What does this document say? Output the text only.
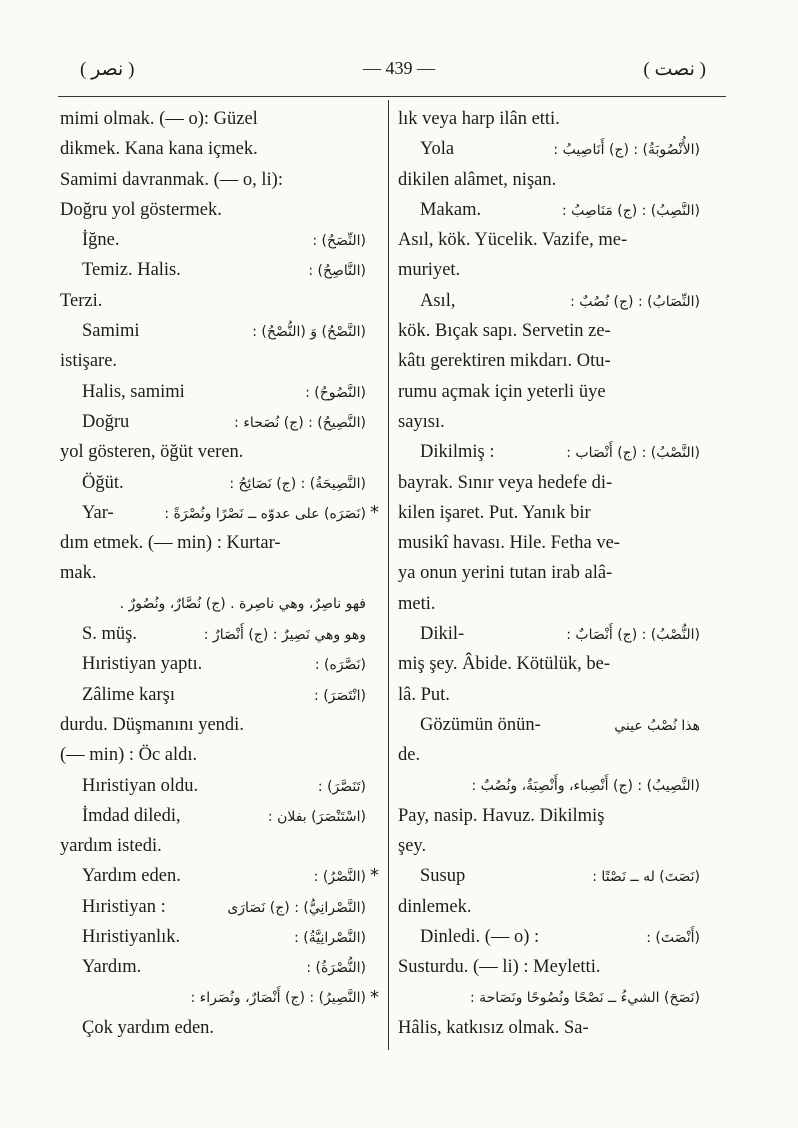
( نصر )	— 439 —	( نصت )
mimi olmak. (— o): Güzel
dikmek. Kana kana içmek.
Samimi davranmak. (— o, li):
Doğru yol göstermek.
İğne.	(النِّصَحُ) :
Temiz. Halis.	(النَّاصِحُ) :
Terzi.
Samimi	(النَّصْحُ) وَ (النُّصْحُ) :
istişare.
Halis, samimi	(النَّصُوحُ) :
Doğru	(النَّصِيحُ) : (ج) نُصَحاء :
yol gösteren, öğüt veren.
Öğüt.	(النَّصِيحَةُ) : (ج) نَصَائِحُ :
*
Yar-	(نَصَرَه) على عدوّه ــ نَصْرًا ونُصْرَةً :
dım etmek. (— min) : Kurtar-
mak.
فهو ناصِرٌ، وهي ناصِرة . (ج) نُصَّارٌ، ونُصُورٌ .
S. müş.	وهو وهي نَصِيرٌ : (ج) أَنْصَارٌ :
Hıristiyan yaptı.	(نَصَّرَه) :
Zâlime karşı	(انْتَصَرَ) :
durdu. Düşmanını yendi.
(— min) : Öc aldı.
Hıristiyan oldu.	(تَنَصَّرَ) :
İmdad diledi,	(اسْتَنْصَرَ) بفلان :
yardım istedi.
Yardım eden.	(النَّصْرُ) :
Hıristiyan :	(النَّصْرانِيُّ) : (ج) نَصَارَى
Hıristiyanlık.	(النَّصْرانِيَّةُ) :
Yardım.	(النُّصْرَةُ) :
(النَّصِيرُ) : (ج) أَنْصَارٌ، ونُصَراء :
Çok yardım eden.
lık veya harp ilân etti.
Yola	(الأُنْصُوبَةُ) : (ج) أَنَاصِيبُ :
dikilen alâmet, nişan.
Makam.	(النَّصِبُ) : (ج) مَنَاصِبُ :
Asıl, kök. Yücelik. Vazife, me-
muriyet.
Asıl,	(النِّصَابُ) : (ج) نُصُبٌ :
kök. Bıçak sapı. Servetin ze-
kâtı gerektiren mikdarı. Otu-
rumu açmak için yeterli üye
sayısı.
Dikilmiş :	(النَّصْبُ) : (ج) أَنْصَاب :
bayrak. Sınır veya hedefe di-
kilen işaret. Put. Yanık bir
musikî havası. Hile. Fetha ve-
ya onun yerini tutan irab alâ-
meti.
Dikil-	(النُّصْبُ) : (ج) أَنْصَابٌ :
miş şey. Âbide. Kötülük, be-
lâ. Put.
Gözümün önün-	هذا نُصْبُ عيني
de.
(النَّصِيبُ) : (ج) أَنْصِباء، وأَنْصِبَةٌ، ونُصُبٌ :
Pay, nasip. Havuz. Dikilmiş
şey.
* Susup	(نَصَتَ) له ــ نَصْتًا :
dinlemek.
Dinledi. (— o) :	(أَنْصَتَ) :
Susturdu. (— li) : Meyletti.
*	(نَصَحَ) الشيءُ ــ نَصْحًا ونُصُوحًا ونَصَاحة :
Hâlis, katkısız olmak. Sa-
